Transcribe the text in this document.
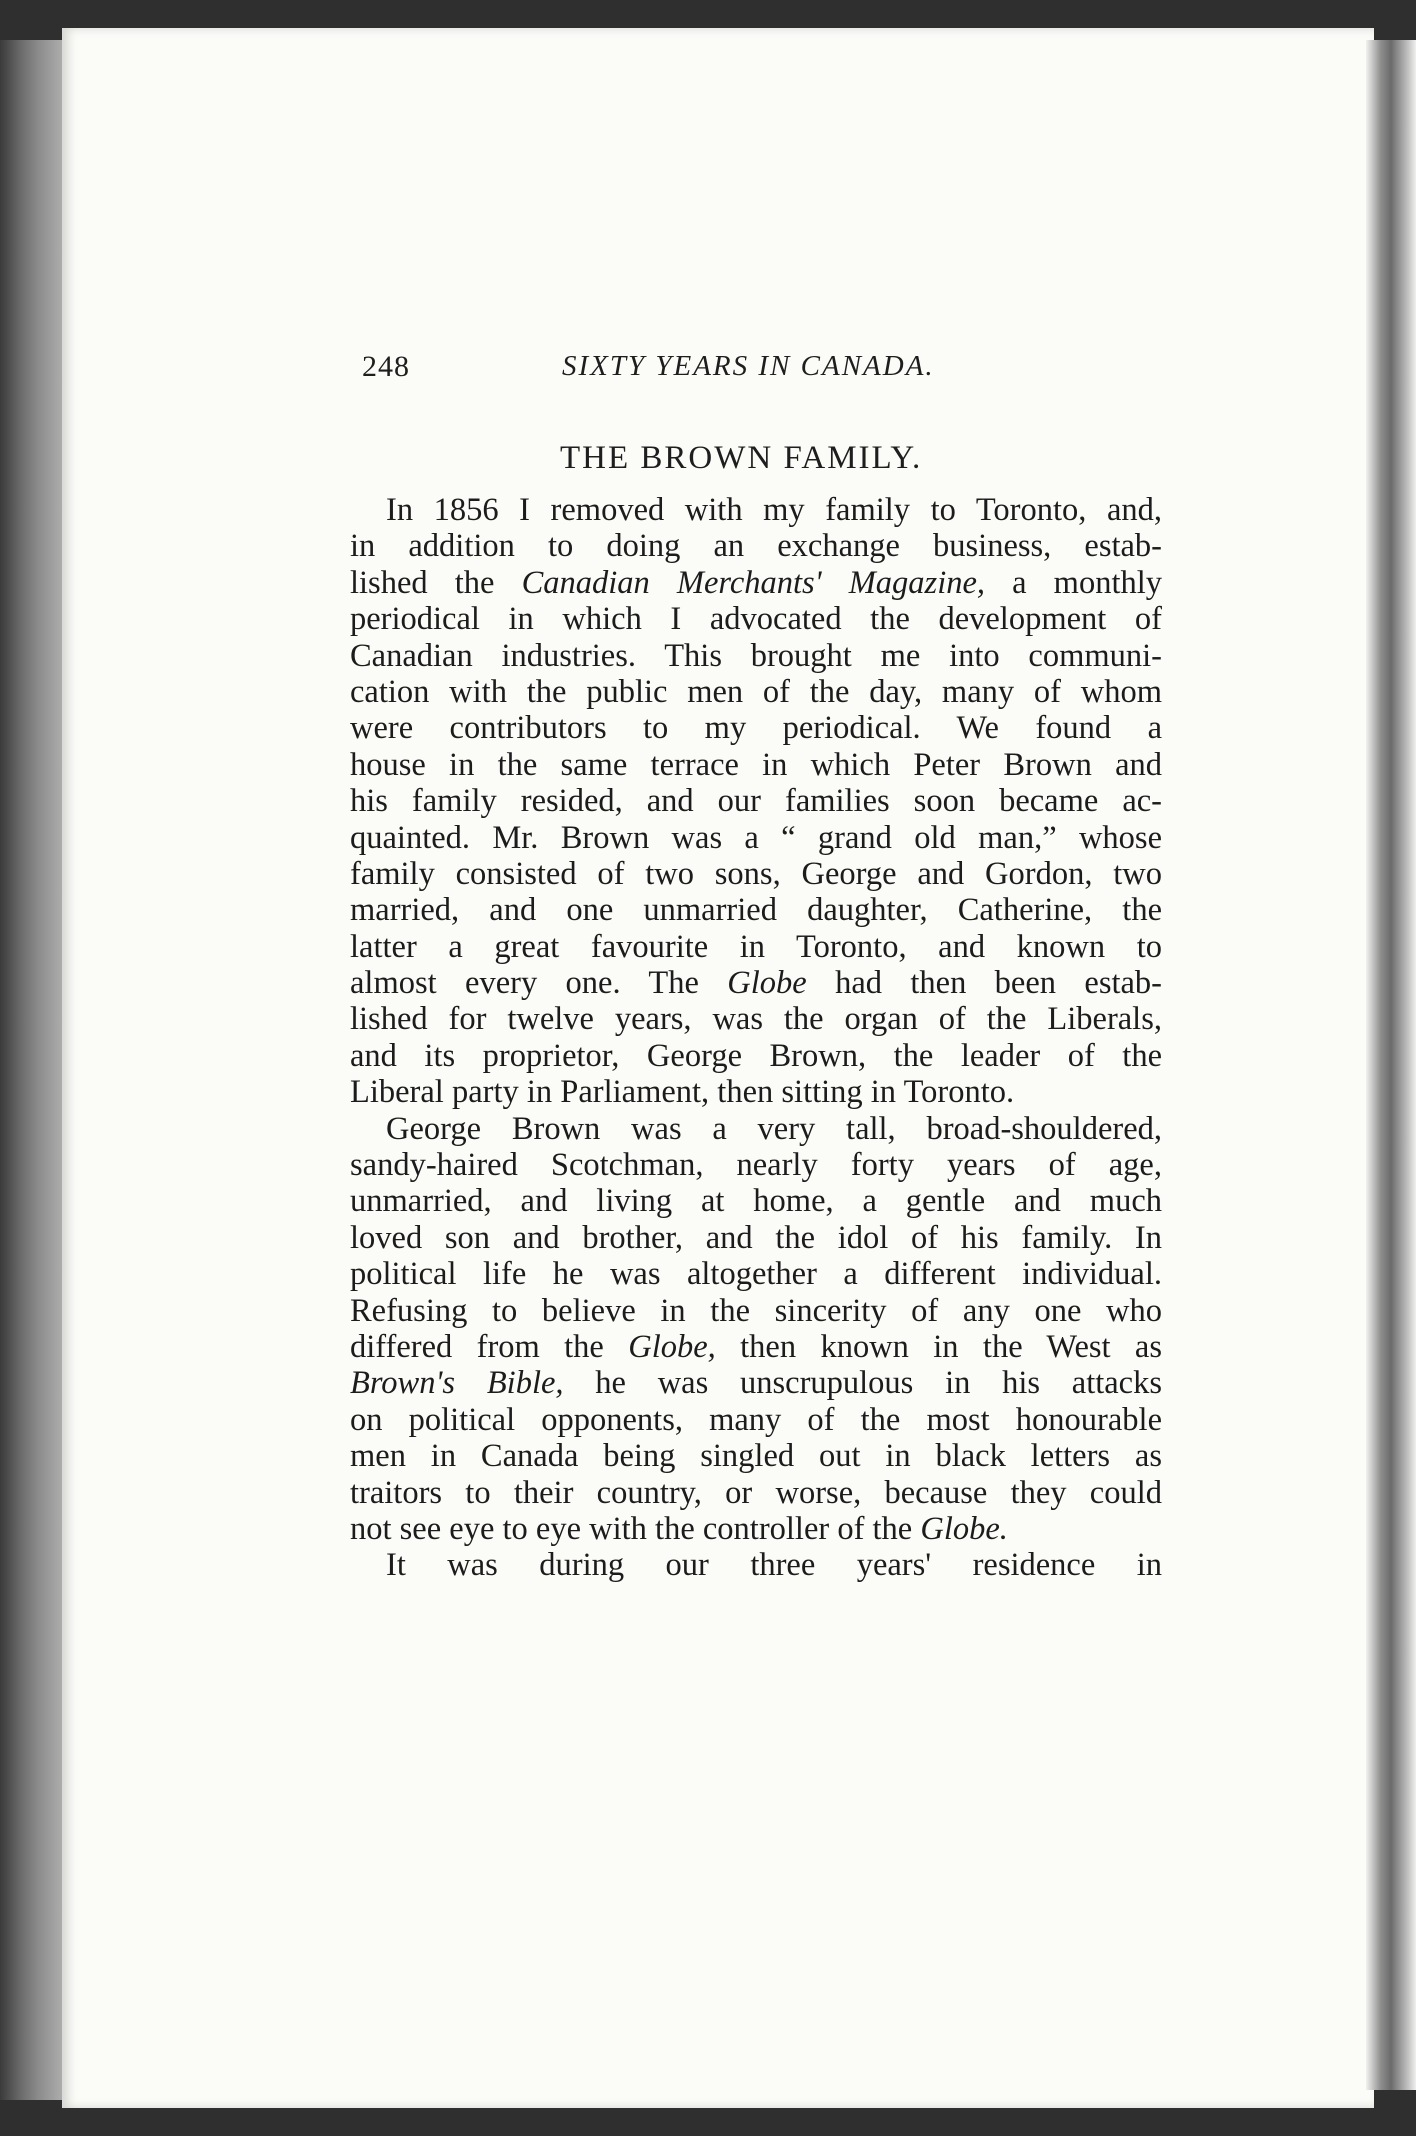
248	SIXTY YEARS IN CANADA.
THE BROWN FAMILY.
In 1856 I removed with my family to Toronto, and,
in addition to doing an exchange business, estab-
lished the Canadian Merchants' Magazine, a monthly
periodical in which I advocated the development of
Canadian industries. This brought me into communi-
cation with the public men of the day, many of whom
were contributors to my periodical. We found a
house in the same terrace in which Peter Brown and
his family resided, and our families soon became ac-
quainted. Mr. Brown was a “ grand old man,” whose
family consisted of two sons, George and Gordon, two
married, and one unmarried daughter, Catherine, the
latter a great favourite in Toronto, and known to
almost every one. The Globe had then been estab-
lished for twelve years, was the organ of the Liberals,
and its proprietor, George Brown, the leader of the
Liberal party in Parliament, then sitting in Toronto.
George Brown was a very tall, broad-shouldered,
sandy-haired Scotchman, nearly forty years of age,
unmarried, and living at home, a gentle and much
loved son and brother, and the idol of his family. In
political life he was altogether a different individual.
Refusing to believe in the sincerity of any one who
differed from the Globe, then known in the West as
Brown's Bible, he was unscrupulous in his attacks
on political opponents, many of the most honourable
men in Canada being singled out in black letters as
traitors to their country, or worse, because they could
not see eye to eye with the controller of the Globe.
It was during our three years' residence in
